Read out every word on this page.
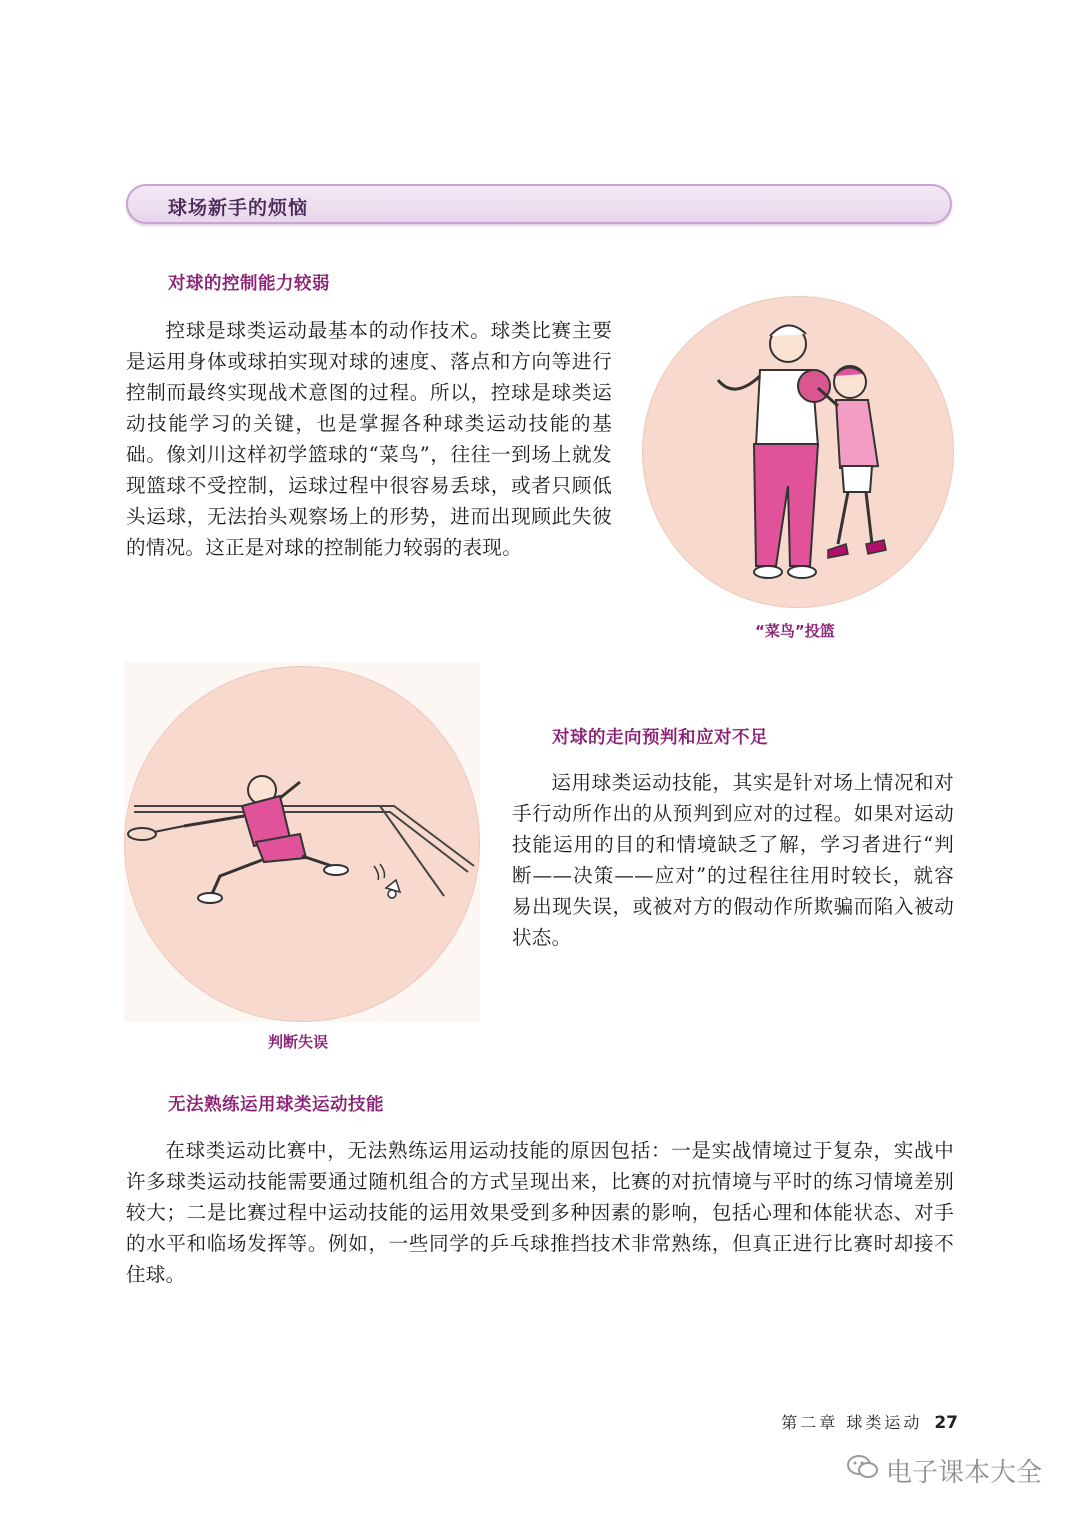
球场新手的烦恼
对球的控制能力较弱
控球是球类运动最基本的动作技术。球类比赛主要是运用身体或球拍实现对球的速度、落点和方向等进行控制而最终实现战术意图的过程。所以，控球是球类运动技能学习的关键，也是掌握各种球类运动技能的基础。像刘川这样初学篮球的“菜鸟”，往往一到场上就发现篮球不受控制，运球过程中很容易丢球，或者只顾低头运球，无法抬头观察场上的形势，进而出现顾此失彼的情况。这正是对球的控制能力较弱的表现。
“菜鸟”投篮
判断失误
对球的走向预判和应对不足
运用球类运动技能，其实是针对场上情况和对手行动所作出的从预判到应对的过程。如果对运动技能运用的目的和情境缺乏了解，学习者进行“判断——决策——应对”的过程往往用时较长，就容易出现失误，或被对方的假动作所欺骗而陷入被动状态。
无法熟练运用球类运动技能
在球类运动比赛中，无法熟练运用运动技能的原因包括：一是实战情境过于复杂，实战中许多球类运动技能需要通过随机组合的方式呈现出来，比赛的对抗情境与平时的练习情境差别较大；二是比赛过程中运动技能的运用效果受到多种因素的影响，包括心理和体能状态、对手的水平和临场发挥等。例如，一些同学的乒乓球推挡技术非常熟练，但真正进行比赛时却接不住球。
第二章 球类运动 27
电子课本大全
